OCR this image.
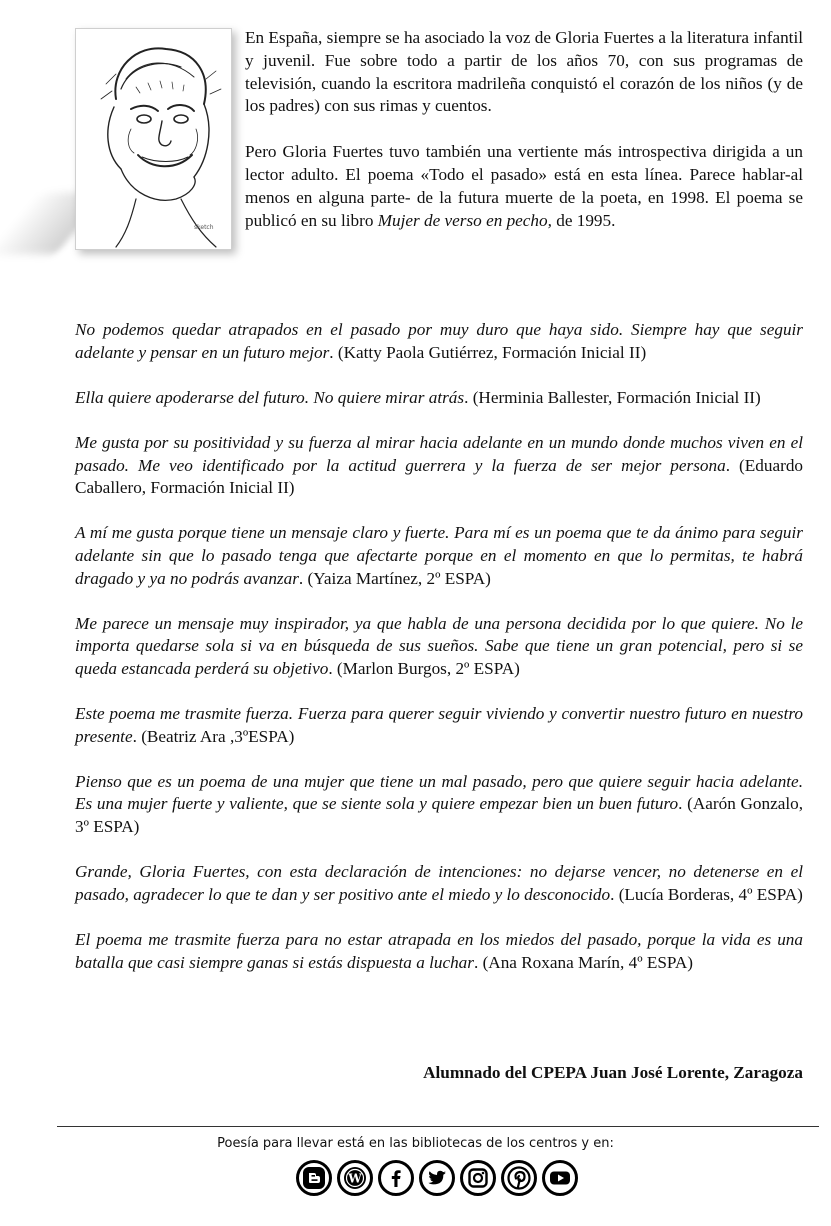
sketch

En España, siempre se ha asociado la voz de Gloria Fuertes a la literatura infantil y juvenil. Fue sobre todo a partir de los años 70, con sus programas de televisión, cuando la escritora madrileña conquistó el corazón de los niños (y de los padres) con sus rimas y cuentos.

Pero Gloria Fuertes tuvo también una vertiente más introspectiva dirigida a un lector adulto. El poema «Todo el pasado» está en esta línea. Parece hablar-al menos en alguna parte- de la futura muerte de la poeta, en 1998. El poema se publicó en su libro Mujer de verso en pecho, de 1995.

No podemos quedar atrapados en el pasado por muy duro que haya sido. Siempre hay que seguir adelante y pensar en un futuro mejor. (Katty Paola Gutiérrez, Formación Inicial II)

Ella quiere apoderarse del futuro. No quiere mirar atrás. (Herminia Ballester, Formación Inicial II)

Me gusta por su positividad y su fuerza al mirar hacia adelante en un mundo donde muchos viven en el pasado. Me veo identificado por la actitud guerrera y la fuerza de ser mejor persona. (Eduardo Caballero, Formación Inicial II)

A mí me gusta porque tiene un mensaje claro y fuerte. Para mí es un poema que te da ánimo para seguir adelante sin que lo pasado tenga que afectarte porque en el momento en que lo permitas, te habrá dragado y ya no podrás avanzar. (Yaiza Martínez, 2º ESPA)

Me parece un mensaje muy inspirador, ya que habla de una persona decidida por lo que quiere. No le importa quedarse sola si va en búsqueda de sus sueños. Sabe que tiene un gran potencial, pero si se queda estancada perderá su objetivo. (Marlon Burgos, 2º ESPA)

Este poema me trasmite fuerza. Fuerza para querer seguir viviendo y convertir nuestro futuro en nuestro presente. (Beatriz Ara ,3ºESPA)

Pienso que es un poema de una mujer que tiene un mal pasado, pero que quiere seguir hacia adelante. Es una mujer fuerte y valiente, que se siente sola y quiere empezar bien un buen futuro. (Aarón Gonzalo, 3º ESPA)

Grande, Gloria Fuertes, con esta declaración de intenciones: no dejarse vencer, no detenerse en el pasado, agradecer lo que te dan y ser positivo ante el miedo y lo desconocido. (Lucía Borderas, 4º ESPA)

El poema me trasmite fuerza para no estar atrapada en los miedos del pasado, porque la vida es una batalla que casi siempre ganas si estás dispuesta a luchar. (Ana Roxana Marín, 4º ESPA)

Alumnado del CPEPA Juan José Lorente, Zaragoza
Poesía para llevar está en las bibliotecas de los centros y en:
W
